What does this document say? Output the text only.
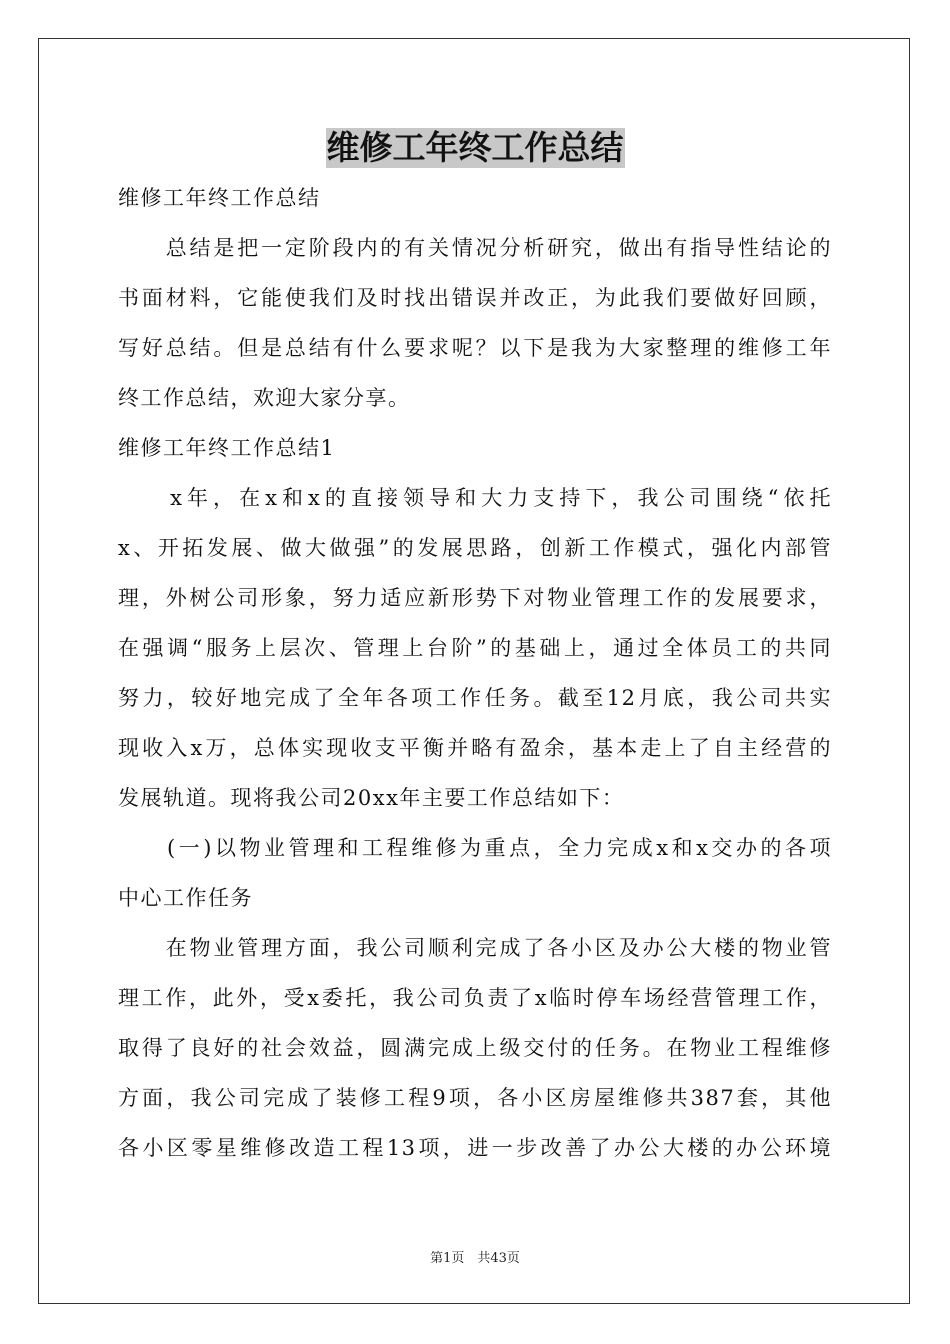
维修工年终工作总结
维修工年终工作总结
　　总结是把一定阶段内的有关情况分析研究，做出有指导性结论的
书面材料，它能使我们及时找出错误并改正，为此我们要做好回顾，
写好总结。但是总结有什么要求呢？以下是我为大家整理的维修工年
终工作总结，欢迎大家分享。
维修工年终工作总结1
　　x年，在x和x的直接领导和大力支持下，我公司围绕“依托
x、开拓发展、做大做强”的发展思路，创新工作模式，强化内部管
理，外树公司形象，努力适应新形势下对物业管理工作的发展要求，
在强调“服务上层次、管理上台阶”的基础上，通过全体员工的共同
努力，较好地完成了全年各项工作任务。截至12月底，我公司共实
现收入x万，总体实现收支平衡并略有盈余，基本走上了自主经营的
发展轨道。现将我公司20xx年主要工作总结如下：
　　(一)以物业管理和工程维修为重点，全力完成x和x交办的各项
中心工作任务
　　在物业管理方面，我公司顺利完成了各小区及办公大楼的物业管
理工作，此外，受x委托，我公司负责了x临时停车场经营管理工作，
取得了良好的社会效益，圆满完成上级交付的任务。在物业工程维修
方面，我公司完成了装修工程9项，各小区房屋维修共387套，其他
各小区零星维修改造工程13项，进一步改善了办公大楼的办公环境
第1页　共43页
